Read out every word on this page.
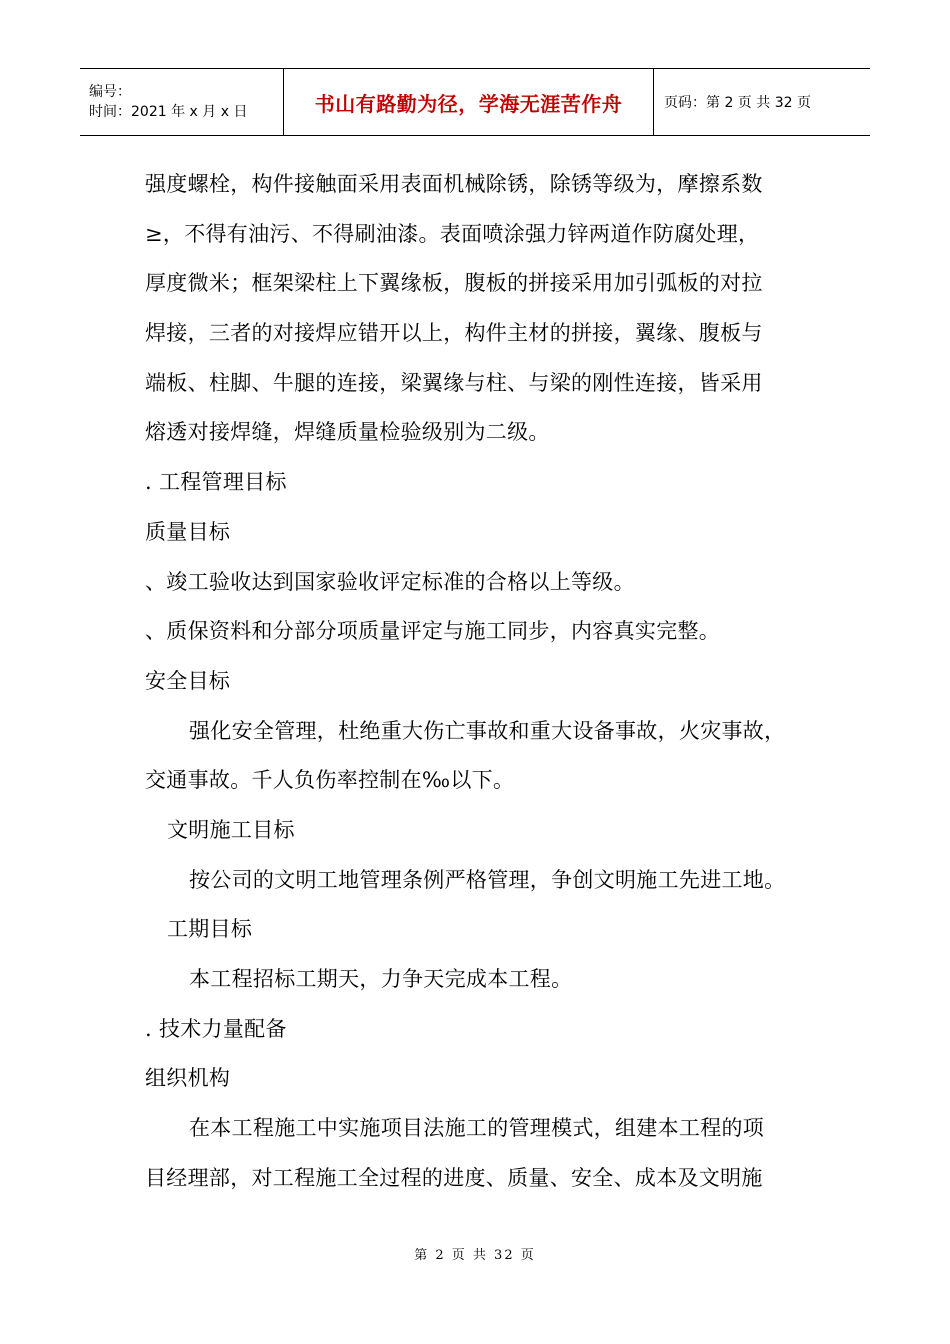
编号：
时间：2021 年 x 月 x 日	书山有路勤为径，学海无涯苦作舟	页码：第 2 页 共 32 页
强度螺栓，构件接触面采用表面机械除锈，除锈等级为，摩擦系数
≥，不得有油污、不得刷油漆。表面喷涂强力锌两道作防腐处理，
厚度微米；框架梁柱上下翼缘板，腹板的拼接采用加引弧板的对拉
焊接，三者的对接焊应错开以上，构件主材的拼接，翼缘、腹板与
端板、柱脚、牛腿的连接，梁翼缘与柱、与梁的刚性连接，皆采用
熔透对接焊缝，焊缝质量检验级别为二级。
. 工程管理目标
质量目标
、竣工验收达到国家验收评定标准的合格以上等级。
、质保资料和分部分项质量评定与施工同步，内容真实完整。
安全目标
强化安全管理，杜绝重大伤亡事故和重大设备事故，火灾事故，
交通事故。千人负伤率控制在‰以下。
文明施工目标
按公司的文明工地管理条例严格管理，争创文明施工先进工地。
工期目标
本工程招标工期天，力争天完成本工程。
. 技术力量配备
组织机构
在本工程施工中实施项目法施工的管理模式，组建本工程的项
目经理部，对工程施工全过程的进度、质量、安全、成本及文明施
第 2 页 共 32 页
